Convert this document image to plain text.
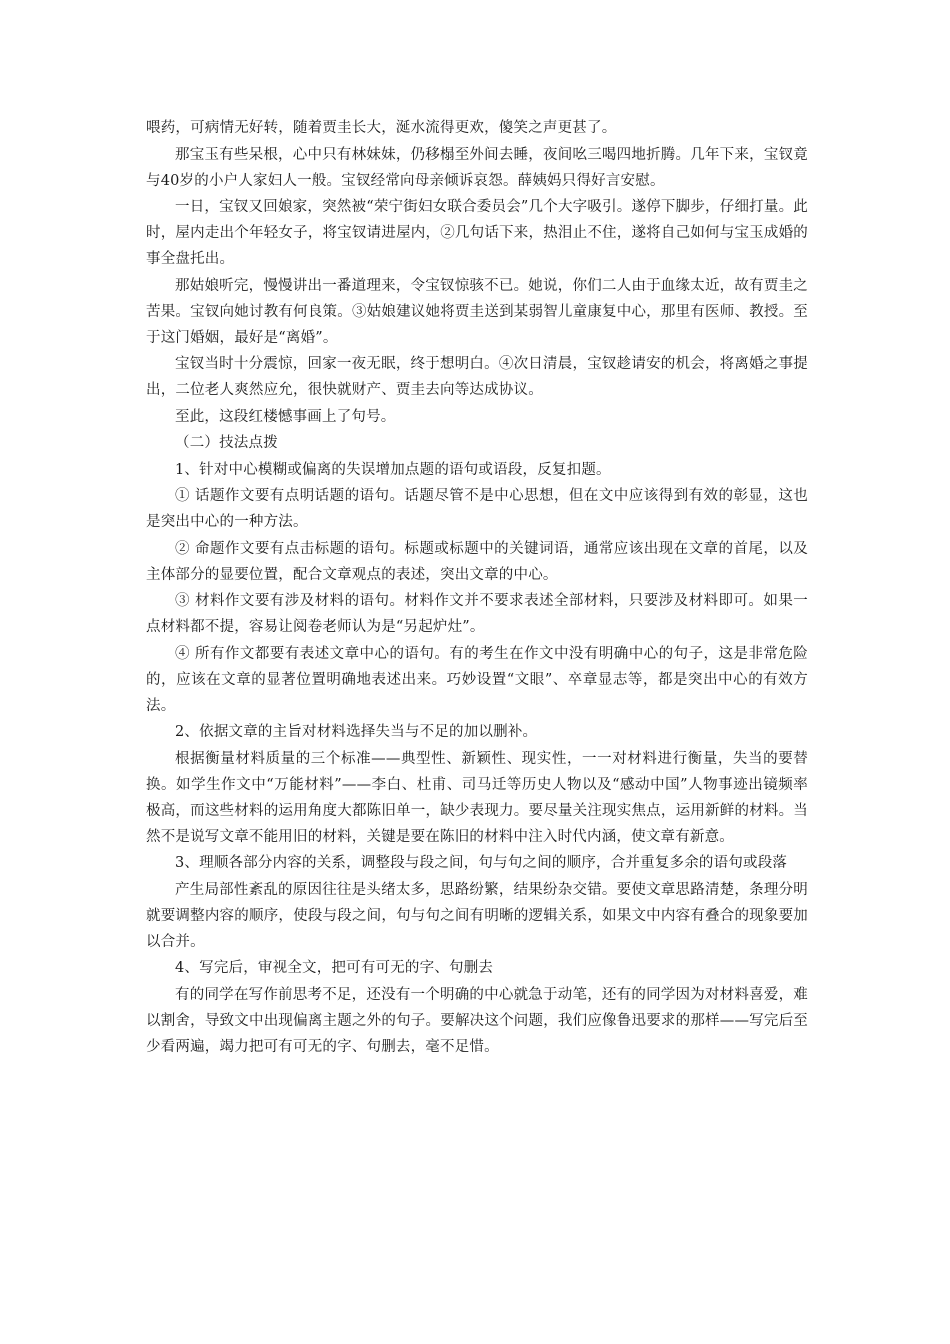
喂药，可病情无好转，随着贾圭长大，涎水流得更欢，傻笑之声更甚了。

那宝玉有些呆根，心中只有林妹妹，仍移榻至外间去睡，夜间吆三喝四地折腾。几年下来，宝钗竟与40岁的小户人家妇人一般。宝钗经常向母亲倾诉哀怨。薛姨妈只得好言安慰。

一日，宝钗又回娘家，突然被“荣宁街妇女联合委员会”几个大字吸引。遂停下脚步，仔细打量。此时，屋内走出个年轻女子，将宝钗请进屋内，②几句话下来，热泪止不住，遂将自己如何与宝玉成婚的事全盘托出。

那姑娘听完，慢慢讲出一番道理来，令宝钗惊骇不已。她说，你们二人由于血缘太近，故有贾圭之苦果。宝钗向她讨教有何良策。③姑娘建议她将贾圭送到某弱智儿童康复中心，那里有医师、教授。至于这门婚姻，最好是“离婚”。

宝钗当时十分震惊，回家一夜无眠，终于想明白。④次日清晨，宝钗趁请安的机会，将离婚之事提出，二位老人爽然应允，很快就财产、贾圭去向等达成协议。

至此，这段红楼憾事画上了句号。

（二）技法点拨

1、针对中心模糊或偏离的失误增加点题的语句或语段，反复扣题。

① 话题作文要有点明话题的语句。话题尽管不是中心思想，但在文中应该得到有效的彰显，这也是突出中心的一种方法。

② 命题作文要有点击标题的语句。标题或标题中的关键词语，通常应该出现在文章的首尾，以及主体部分的显要位置，配合文章观点的表述，突出文章的中心。

③ 材料作文要有涉及材料的语句。材料作文并不要求表述全部材料，只要涉及材料即可。如果一点材料都不提，容易让阅卷老师认为是“另起炉灶”。

④ 所有作文都要有表述文章中心的语句。有的考生在作文中没有明确中心的句子，这是非常危险的，应该在文章的显著位置明确地表述出来。巧妙设置“文眼”、卒章显志等，都是突出中心的有效方法。

2、依据文章的主旨对材料选择失当与不足的加以删补。

根据衡量材料质量的三个标准——典型性、新颖性、现实性，一一对材料进行衡量，失当的要替换。如学生作文中“万能材料”——李白、杜甫、司马迁等历史人物以及“感动中国”人物事迹出镜频率极高，而这些材料的运用角度大都陈旧单一，缺少表现力。要尽量关注现实焦点，运用新鲜的材料。当然不是说写文章不能用旧的材料，关键是要在陈旧的材料中注入时代内涵，使文章有新意。

3、理顺各部分内容的关系，调整段与段之间，句与句之间的顺序，合并重复多余的语句或段落

产生局部性紊乱的原因往往是头绪太多，思路纷繁，结果纷杂交错。要使文章思路清楚，条理分明就要调整内容的顺序，使段与段之间，句与句之间有明晰的逻辑关系，如果文中内容有叠合的现象要加以合并。

4、写完后，审视全文，把可有可无的字、句删去

有的同学在写作前思考不足，还没有一个明确的中心就急于动笔，还有的同学因为对材料喜爱，难以割舍，导致文中出现偏离主题之外的句子。要解决这个问题，我们应像鲁迅要求的那样——写完后至少看两遍，竭力把可有可无的字、句删去，毫不足惜。
